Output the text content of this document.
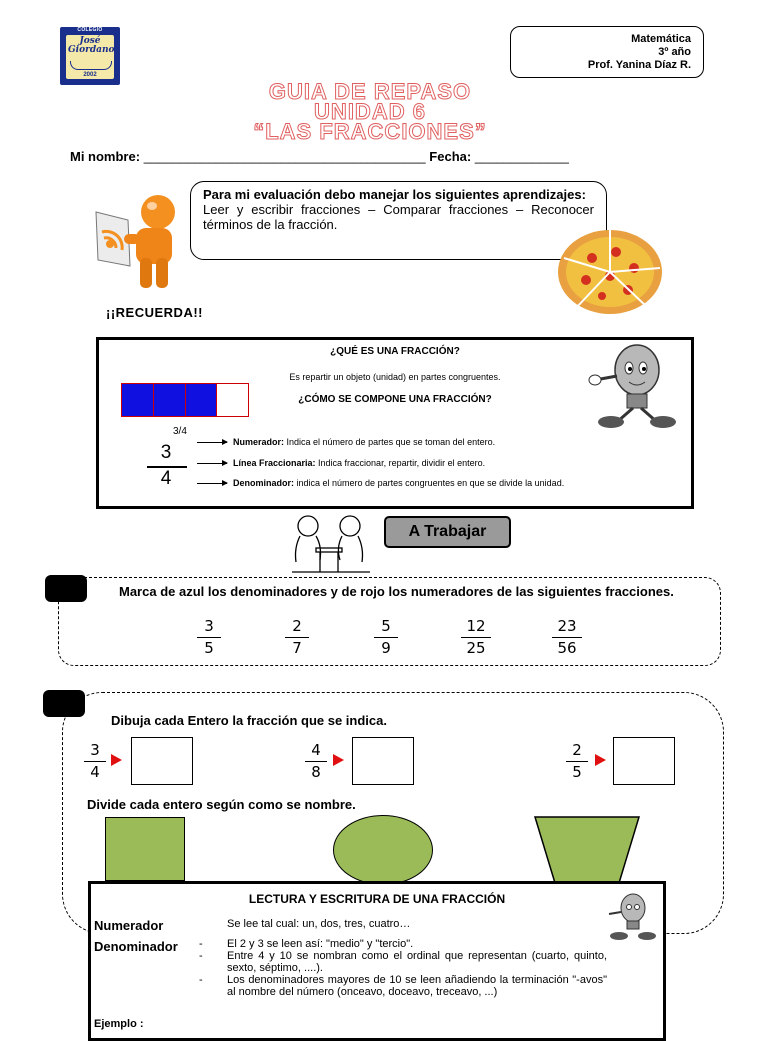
COLEGIO
José Giordano
2002
Matemática
3º año
Prof. Yanina Díaz R.
GUIA DE REPASO
UNIDAD 6
“LAS FRACCIONES”
Mi nombre: _______________________________________ Fecha: _____________
Para mi evaluación debo manejar los siguientes aprendizajes:
Leer y escribir fracciones – Comparar fracciones – Reconocer términos de la fracción.
¡¡RECUERDA!!
¿QUÉ ES UNA FRACCIÓN?
Es repartir un objeto (unidad) en partes congruentes.
¿CÓMO SE COMPONE UNA FRACCIÓN?
3/4
3
4
Numerador: Indica el número de partes que se toman del entero.
Línea Fraccionaria: Indica fraccionar, repartir, dividir el entero.
Denominador: indica el número de partes congruentes en que se divide la unidad.
A Trabajar
Marca de azul los denominadores y de rojo los numeradores de las siguientes fracciones.
3
5
2
7
5
9
12
25
23
56
Dibuja cada Entero la fracción que se indica.
3
4
4
8
2
5
Divide cada entero según como se nombre.
LECTURA Y ESCRITURA DE UNA FRACCIÓN
Numerador	Se lee tal cual: un, dos, tres, cuatro…
Denominador
-	El 2 y 3 se leen así: "medio" y "tercio".
- Entre 4 y 10 se nombran como el ordinal que representan (cuarto, quinto, sexto, séptimo, ....).
- Los denominadores mayores de 10 se leen añadiendo la terminación "-avos" al nombre del número (onceavo, doceavo, treceavo, ...)
Ejemplo :
